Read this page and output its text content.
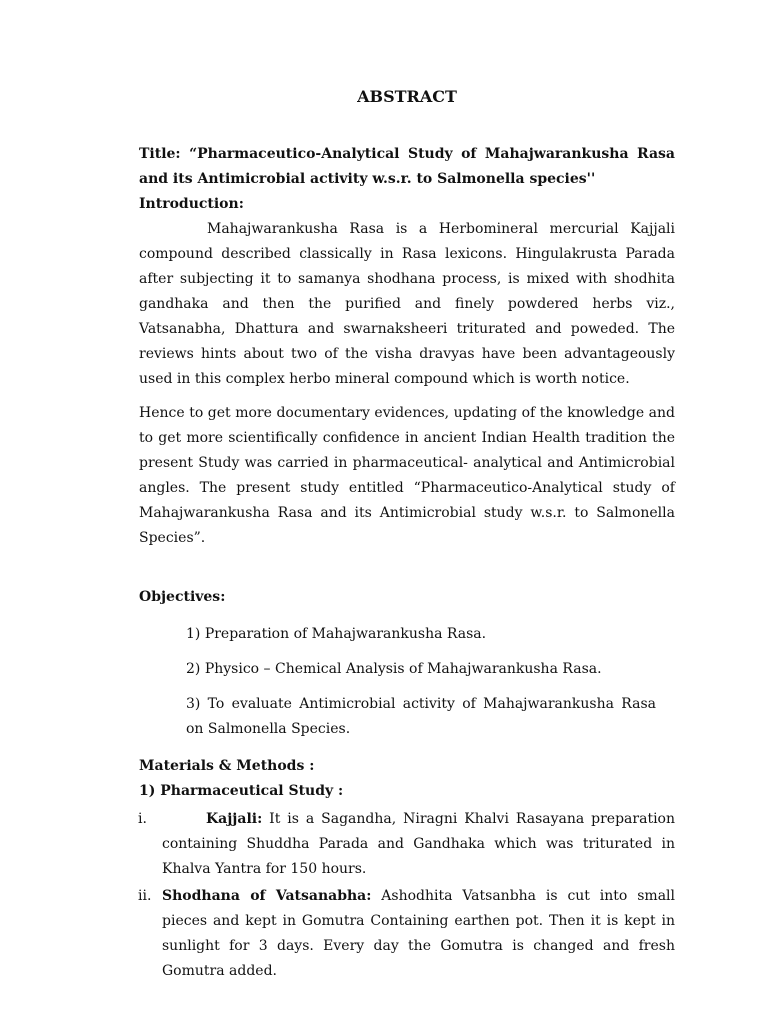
ABSTRACT

Title: “Pharmaceutico-Analytical Study of Mahajwarankusha Rasa and its Antimicrobial activity w.s.r. to Salmonella species''

Introduction:

Mahajwarankusha Rasa is a Herbomineral mercurial Kajjali compound described classically in Rasa lexicons. Hingulakrusta Parada after subjecting it to samanya shodhana process, is mixed with shodhita gandhaka and then the purified and finely powdered herbs viz., Vatsanabha, Dhattura and swarnaksheeri triturated and poweded. The reviews hints about two of the visha dravyas have been advantageously used in this complex herbo mineral compound which is worth notice.

Hence to get more documentary evidences, updating of the knowledge and to get more scientifically confidence in ancient Indian Health tradition the present Study was carried in pharmaceutical- analytical and Antimicrobial angles. The present study entitled “Pharmaceutico-Analytical study of Mahajwarankusha Rasa and its Antimicrobial study w.s.r. to Salmonella Species”.

Objectives:

1) Preparation of Mahajwarankusha Rasa.

2) Physico – Chemical Analysis of Mahajwarankusha Rasa.

3) To evaluate Antimicrobial activity of Mahajwarankusha Rasa on Salmonella Species.

Materials & Methods :

1) Pharmaceutical Study :

i.	Kajjali: It is a Sagandha, Niragni Khalvi Rasayana preparation containing Shuddha Parada and Gandhaka which was triturated in Khalva Yantra for 150 hours.
ii. Shodhana of Vatsanabha: Ashodhita Vatsanbha is cut into small pieces and kept in Gomutra Containing earthen pot. Then it is kept in sunlight for 3 days. Every day the Gomutra is changed and fresh Gomutra added.
